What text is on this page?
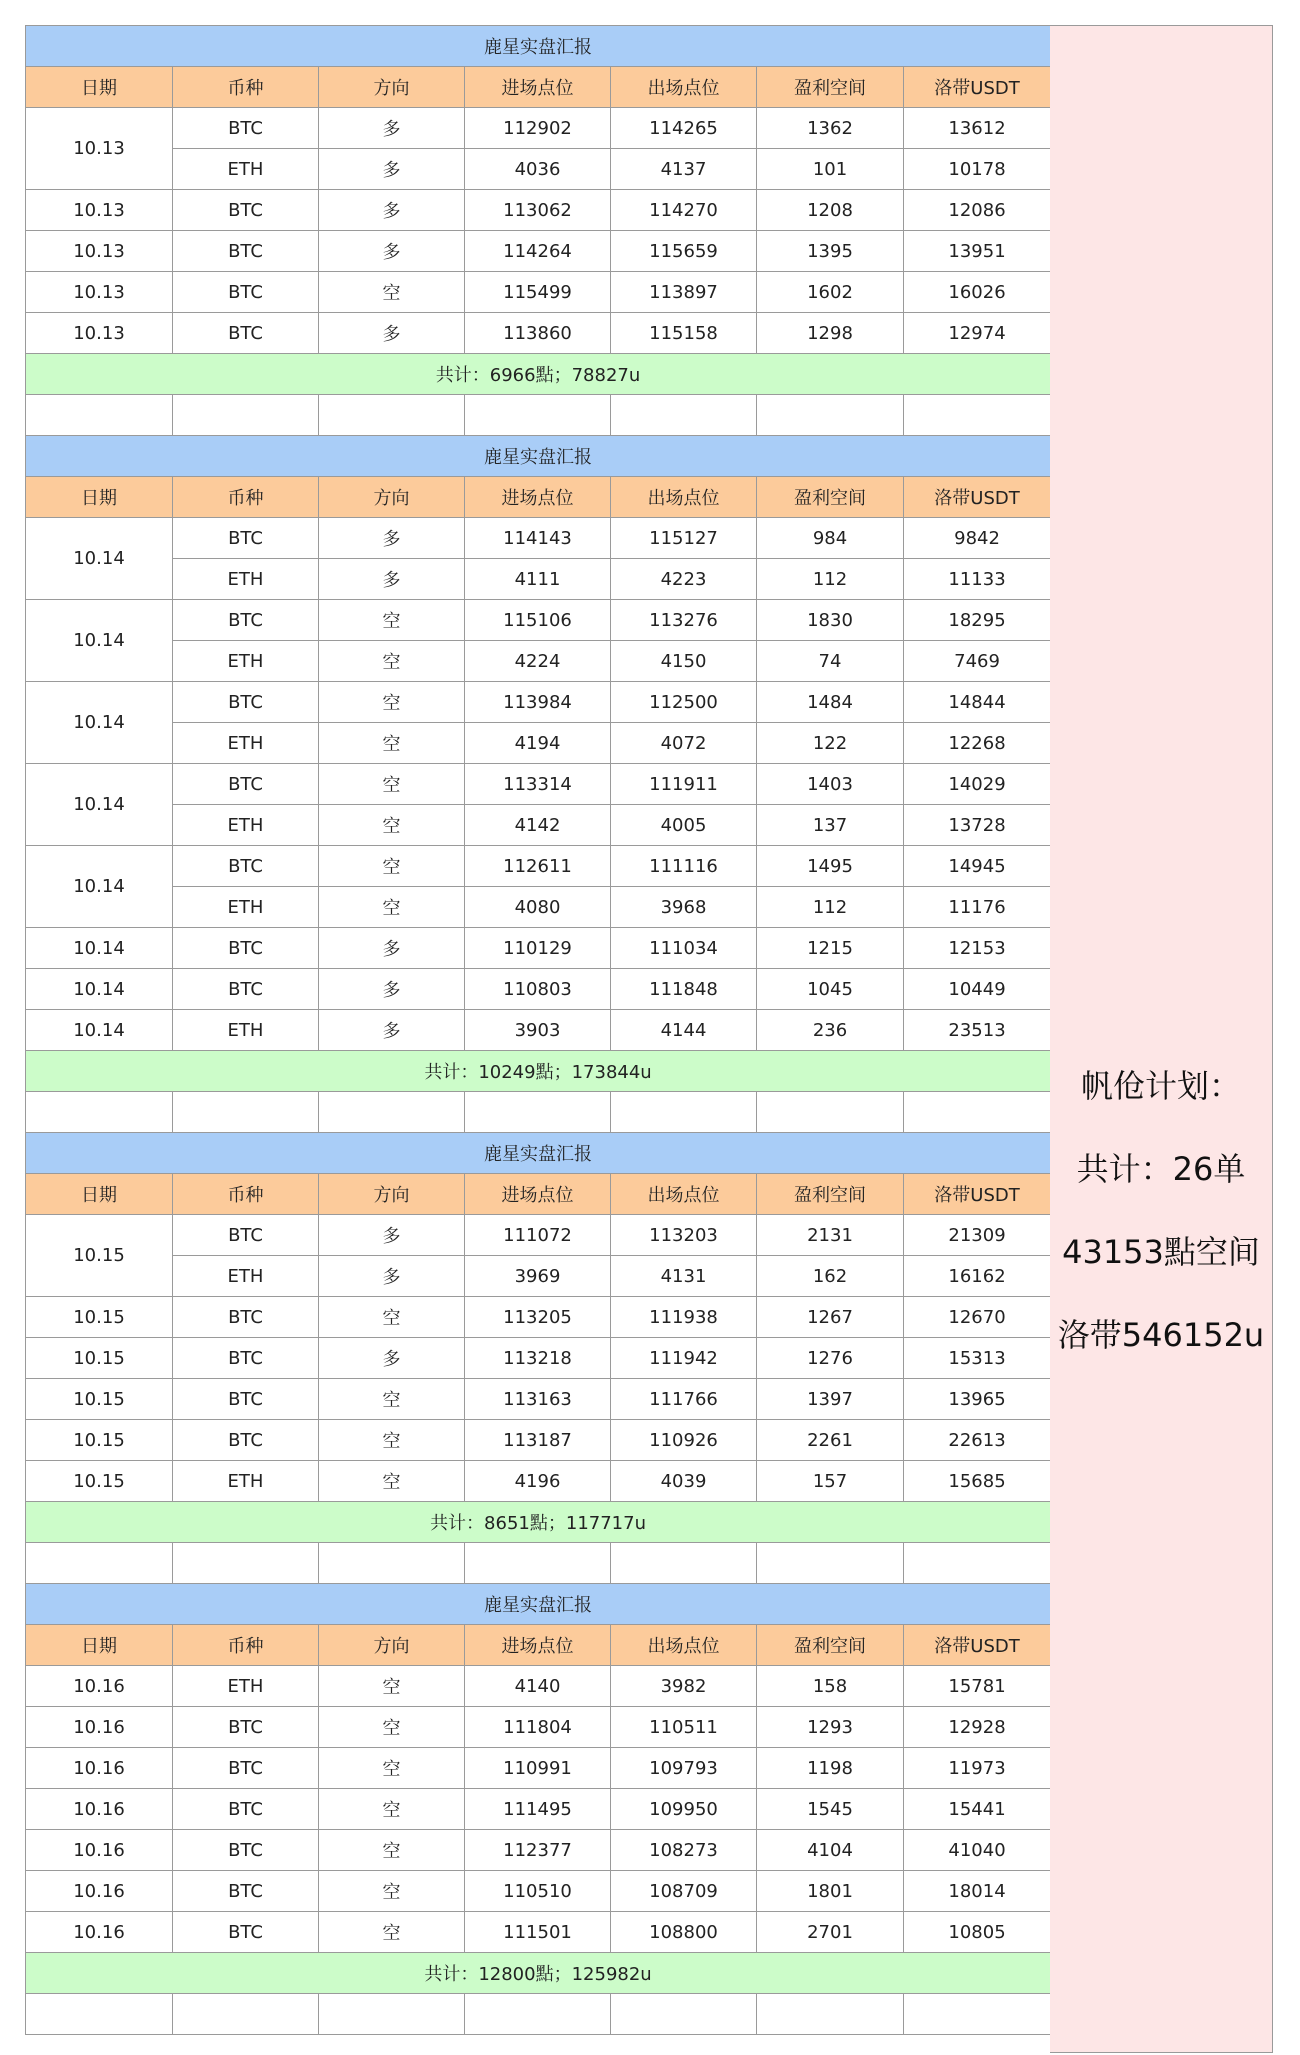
鹿星实盘汇报						
日期	币种	方向	进场点位	出场点位	盈利空间	洛带USDT
10.13	BTC	多	112902	114265	1362	13612
	ETH	多	4036	4137	101	10178
10.13	BTC	多	113062	114270	1208	12086
10.13	BTC	多	114264	115659	1395	13951
10.13	BTC	空	115499	113897	1602	16026
10.13	BTC	多	113860	115158	1298	12974
共计：6966點；78827u						

鹿星实盘汇报						
日期	币种	方向	进场点位	出场点位	盈利空间	洛带USDT
10.14	BTC	多	114143	115127	984	9842
	ETH	多	4111	4223	112	11133
10.14	BTC	空	115106	113276	1830	18295
	ETH	空	4224	4150	74	7469
10.14	BTC	空	113984	112500	1484	14844
	ETH	空	4194	4072	122	12268
10.14	BTC	空	113314	111911	1403	14029
	ETH	空	4142	4005	137	13728
10.14	BTC	空	112611	111116	1495	14945
	ETH	空	4080	3968	112	11176
10.14	BTC	多	110129	111034	1215	12153
10.14	BTC	多	110803	111848	1045	10449
10.14	ETH	多	3903	4144	236	23513
共计：10249點；173844u						

鹿星实盘汇报						
日期	币种	方向	进场点位	出场点位	盈利空间	洛带USDT
10.15	BTC	多	111072	113203	2131	21309
	ETH	多	3969	4131	162	16162
10.15	BTC	空	113205	111938	1267	12670
10.15	BTC	多	113218	111942	1276	15313
10.15	BTC	空	113163	111766	1397	13965
10.15	BTC	空	113187	110926	2261	22613
10.15	ETH	空	4196	4039	157	15685
共计：8651點；117717u						

鹿星实盘汇报						
日期	币种	方向	进场点位	出场点位	盈利空间	洛带USDT
10.16	ETH	空	4140	3982	158	15781
10.16	BTC	空	111804	110511	1293	12928
10.16	BTC	空	110991	109793	1198	11973
10.16	BTC	空	111495	109950	1545	15441
10.16	BTC	空	112377	108273	4104	41040
10.16	BTC	空	110510	108709	1801	18014
10.16	BTC	空	111501	108800	2701	10805
共计：12800點；125982u						

帆伧计划：
共计：26单
43153點空间
洛带546152u
